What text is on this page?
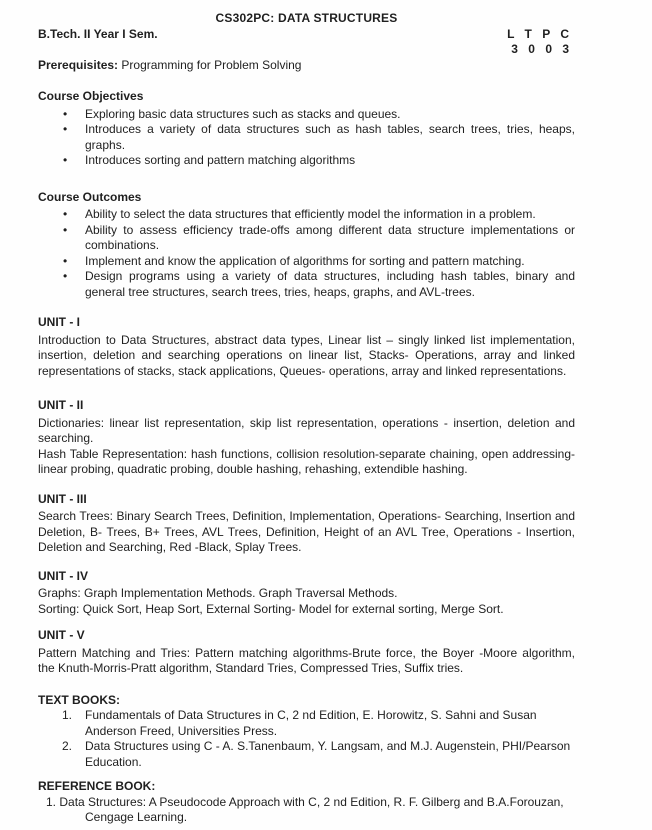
CS302PC: DATA STRUCTURES
B.Tech. II Year I Sem.	L T P C
3 0 0 3
Prerequisites: Programming for Problem Solving
Course Objectives
•	Exploring basic data structures such as stacks and queues.
•	Introduces a variety of data structures such as hash tables, search trees, tries, heaps, graphs.
•	Introduces sorting and pattern matching algorithms
Course Outcomes
•	Ability to select the data structures that efficiently model the information in a problem.
•	Ability to assess efficiency trade-offs among different data structure implementations or combinations.
•	Implement and know the application of algorithms for sorting and pattern matching.
•	Design programs using a variety of data structures, including hash tables, binary and general tree structures, search trees, tries, heaps, graphs, and AVL-trees.
UNIT - I

Introduction to Data Structures, abstract data types, Linear list – singly linked list implementation, insertion, deletion and searching operations on linear list, Stacks- Operations, array and linked representations of stacks, stack applications, Queues- operations, array and linked representations.

UNIT - II

Dictionaries: linear list representation, skip list representation, operations - insertion, deletion and searching.

Hash Table Representation: hash functions, collision resolution-separate chaining, open addressing-linear probing, quadratic probing, double hashing, rehashing, extendible hashing.

UNIT - III

Search Trees: Binary Search Trees, Definition, Implementation, Operations- Searching, Insertion and Deletion, B- Trees, B+ Trees, AVL Trees, Definition, Height of an AVL Tree, Operations - Insertion, Deletion and Searching, Red -Black, Splay Trees.

UNIT - IV

Graphs: Graph Implementation Methods. Graph Traversal Methods.

Sorting: Quick Sort, Heap Sort, External Sorting- Model for external sorting, Merge Sort.

UNIT - V

Pattern Matching and Tries: Pattern matching algorithms-Brute force, the Boyer -Moore algorithm, the Knuth-Morris-Pratt algorithm, Standard Tries, Compressed Tries, Suffix tries.

TEXT BOOKS:
1.	Fundamentals of Data Structures in C, 2 nd Edition, E. Horowitz, S. Sahni and Susan Anderson Freed, Universities Press.
2.	Data Structures using C - A. S.Tanenbaum, Y. Langsam, and M.J. Augenstein, PHI/Pearson Education.
REFERENCE BOOK:
1. Data Structures: A Pseudocode Approach with C, 2 nd Edition, R. F. Gilberg and B.A.Forouzan, Cengage Learning.
